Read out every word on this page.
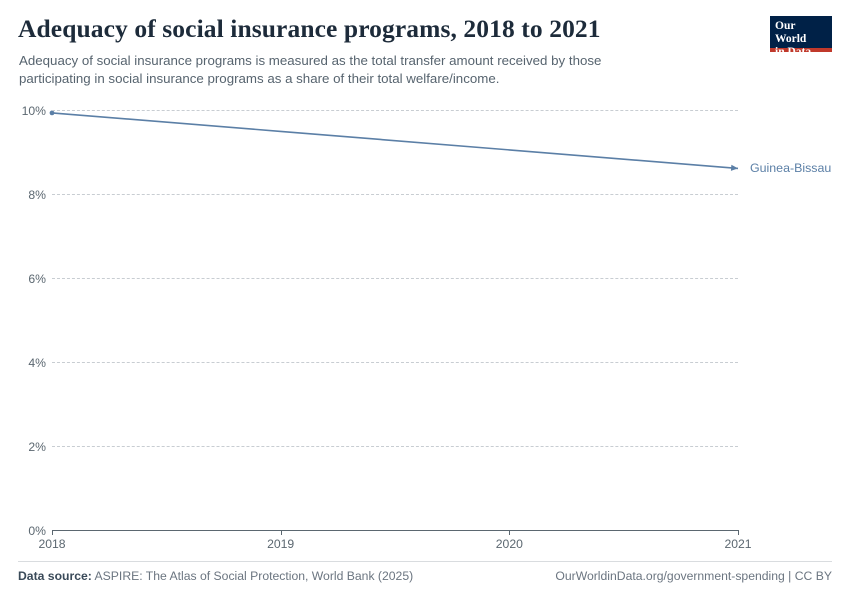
Adequacy of social insurance programs, 2018 to 2021
Adequacy of social insurance programs is measured as the total transfer amount received by those participating in social insurance programs as a share of their total welfare/income.
Our World
in Data
0%
2%
4%
6%
8%
10%
2018	2019	2020	2021
Guinea-Bissau
Data source: ASPIRE: The Atlas of Social Protection, World Bank (2025)	OurWorldinData.org/government-spending | CC BY
